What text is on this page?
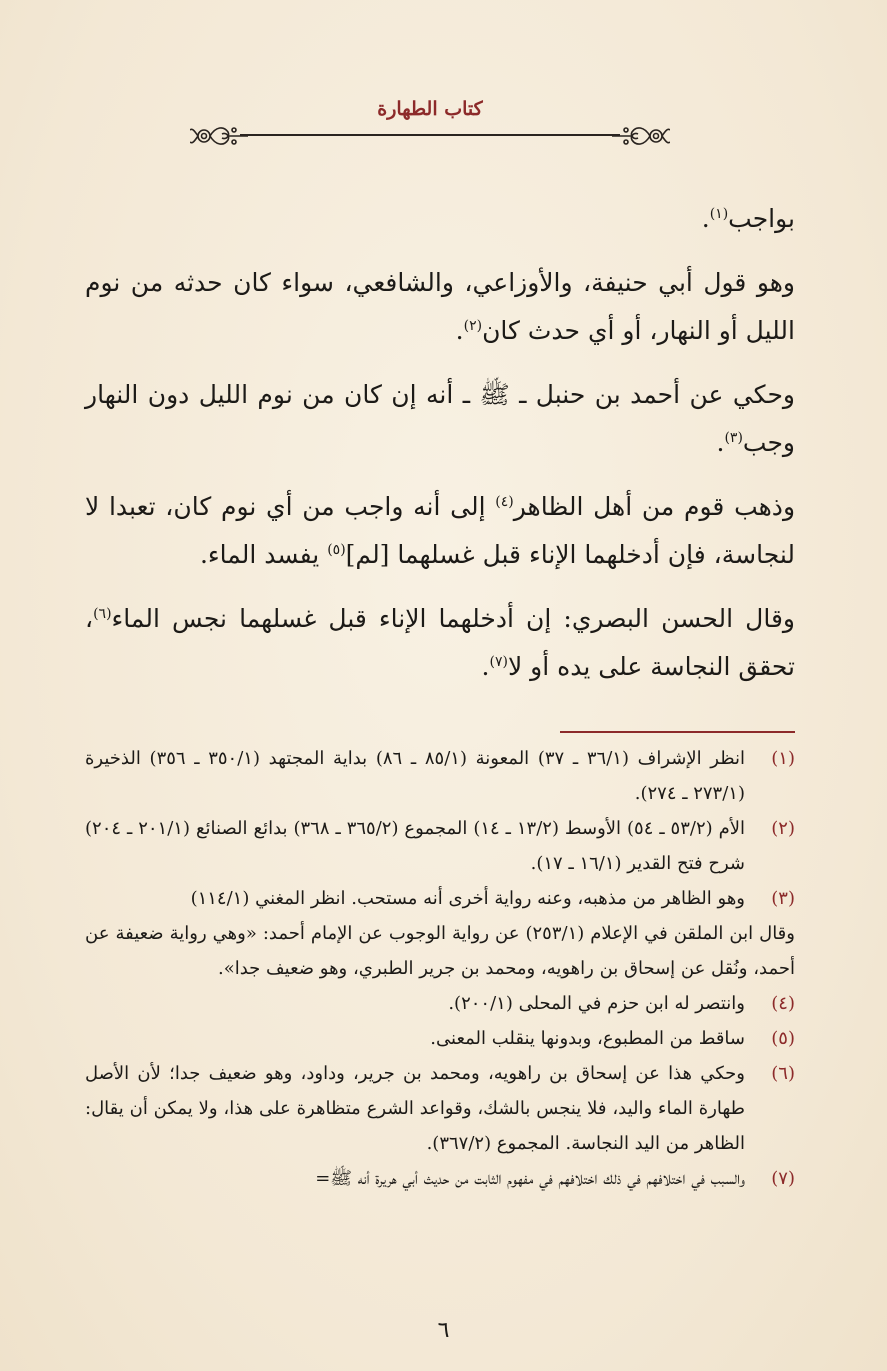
كتاب الطهارة

بواجب$^{(١)}$.

وهو قول أبي حنيفة، والأوزاعي، والشافعي، سواء كان حدثه من نوم الليل أو النهار، أو أي حدث كان$^{(٢)}$.

وحكي عن أحمد بن حنبل ـ ﷺ ـ أنه إن كان من نوم الليل دون النهار وجب$^{(٣)}$.

وذهب قوم من أهل الظاهر$^{(٤)}$ إلى أنه واجب من أي نوم كان، تعبدا لا لنجاسة، فإن أدخلهما الإناء قبل غسلهما [لم]$^{(٥)}$ يفسد الماء.

وقال الحسن البصري: إن أدخلهما الإناء قبل غسلهما نجس الماء$^{(٦)}$، تحقق النجاسة على يده أو لا$^{(٧)}$.

(١)

انظر الإشراف (٣٦/١ ـ ٣٧) المعونة (٨٥/١ ـ ٨٦) بداية المجتهد (٣٥٠/١ ـ ٣٥٦) الذخيرة (٢٧٣/١ ـ ٢٧٤).

(٢)

الأم (٥٣/٢ ـ ٥٤) الأوسط (١٣/٢ ـ ١٤) المجموع (٣٦٥/٢ ـ ٣٦٨) بدائع الصنائع (٢٠١/١ ـ ٢٠٤) شرح فتح القدير (١٦/١ ـ ١٧).

(٣)

وهو الظاهر من مذهبه، وعنه رواية أخرى أنه مستحب. انظر المغني (١١٤/١)

وقال ابن الملقن في الإعلام (٢٥٣/١) عن رواية الوجوب عن الإمام أحمد: «وهي رواية ضعيفة عن أحمد، ونُقل عن إسحاق بن راهويه، ومحمد بن جرير الطبري، وهو ضعيف جدا».

(٤)

وانتصر له ابن حزم في المحلى (٢٠٠/١).

(٥)

ساقط من المطبوع، وبدونها ينقلب المعنى.

(٦)

وحكي هذا عن إسحاق بن راهويه، ومحمد بن جرير، وداود، وهو ضعيف جدا؛ لأن الأصل طهارة الماء واليد، فلا ينجس بالشك، وقواعد الشرع متظاهرة على هذا، ولا يمكن أن يقال: الظاهر من اليد النجاسة. المجموع (٣٦٧/٢).

(٧)

والسبب في اختلافهم في ذلك اختلافهم في مفهوم الثابت من حديث أبي هريرة أنه ﷺ=

٦
